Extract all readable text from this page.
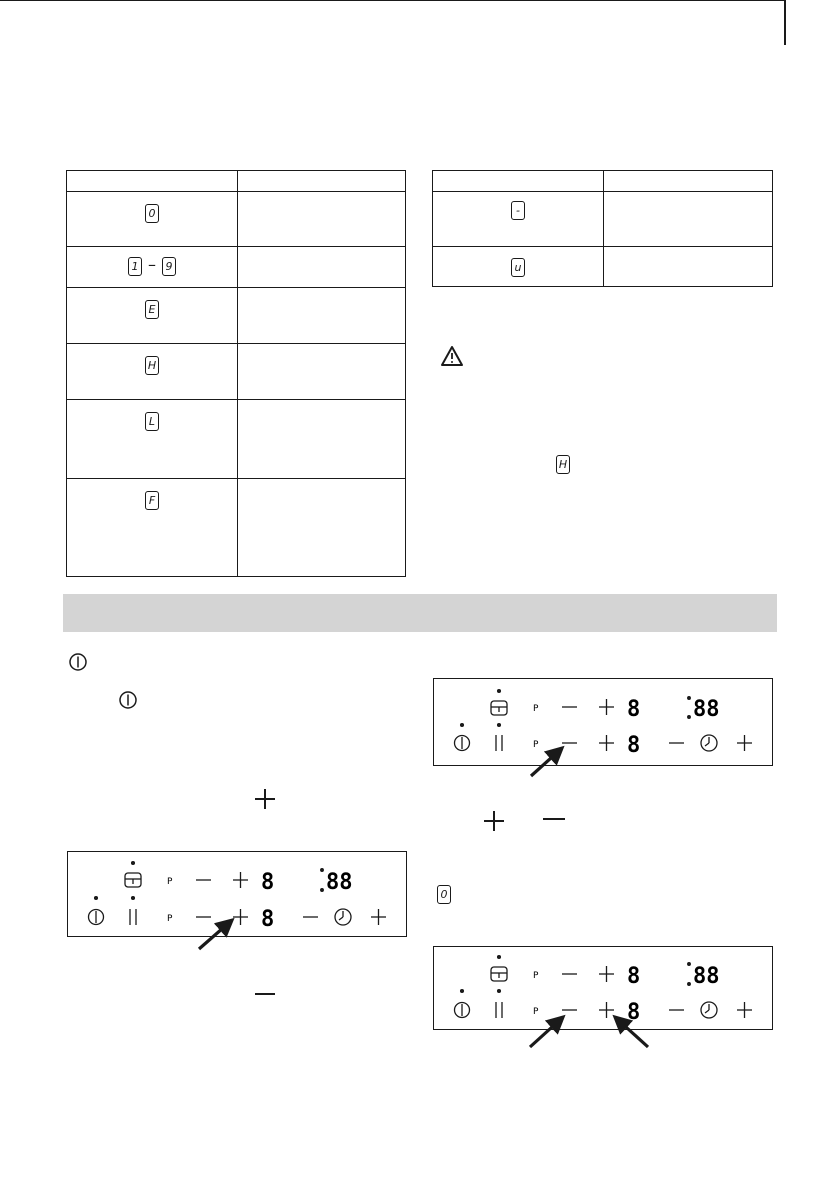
0	

1 – 9	

E	
H	
L	
F	

-	
u	
H
0
P
P
8
8
88
P
P
8
8
88
P
P
8
8
88
